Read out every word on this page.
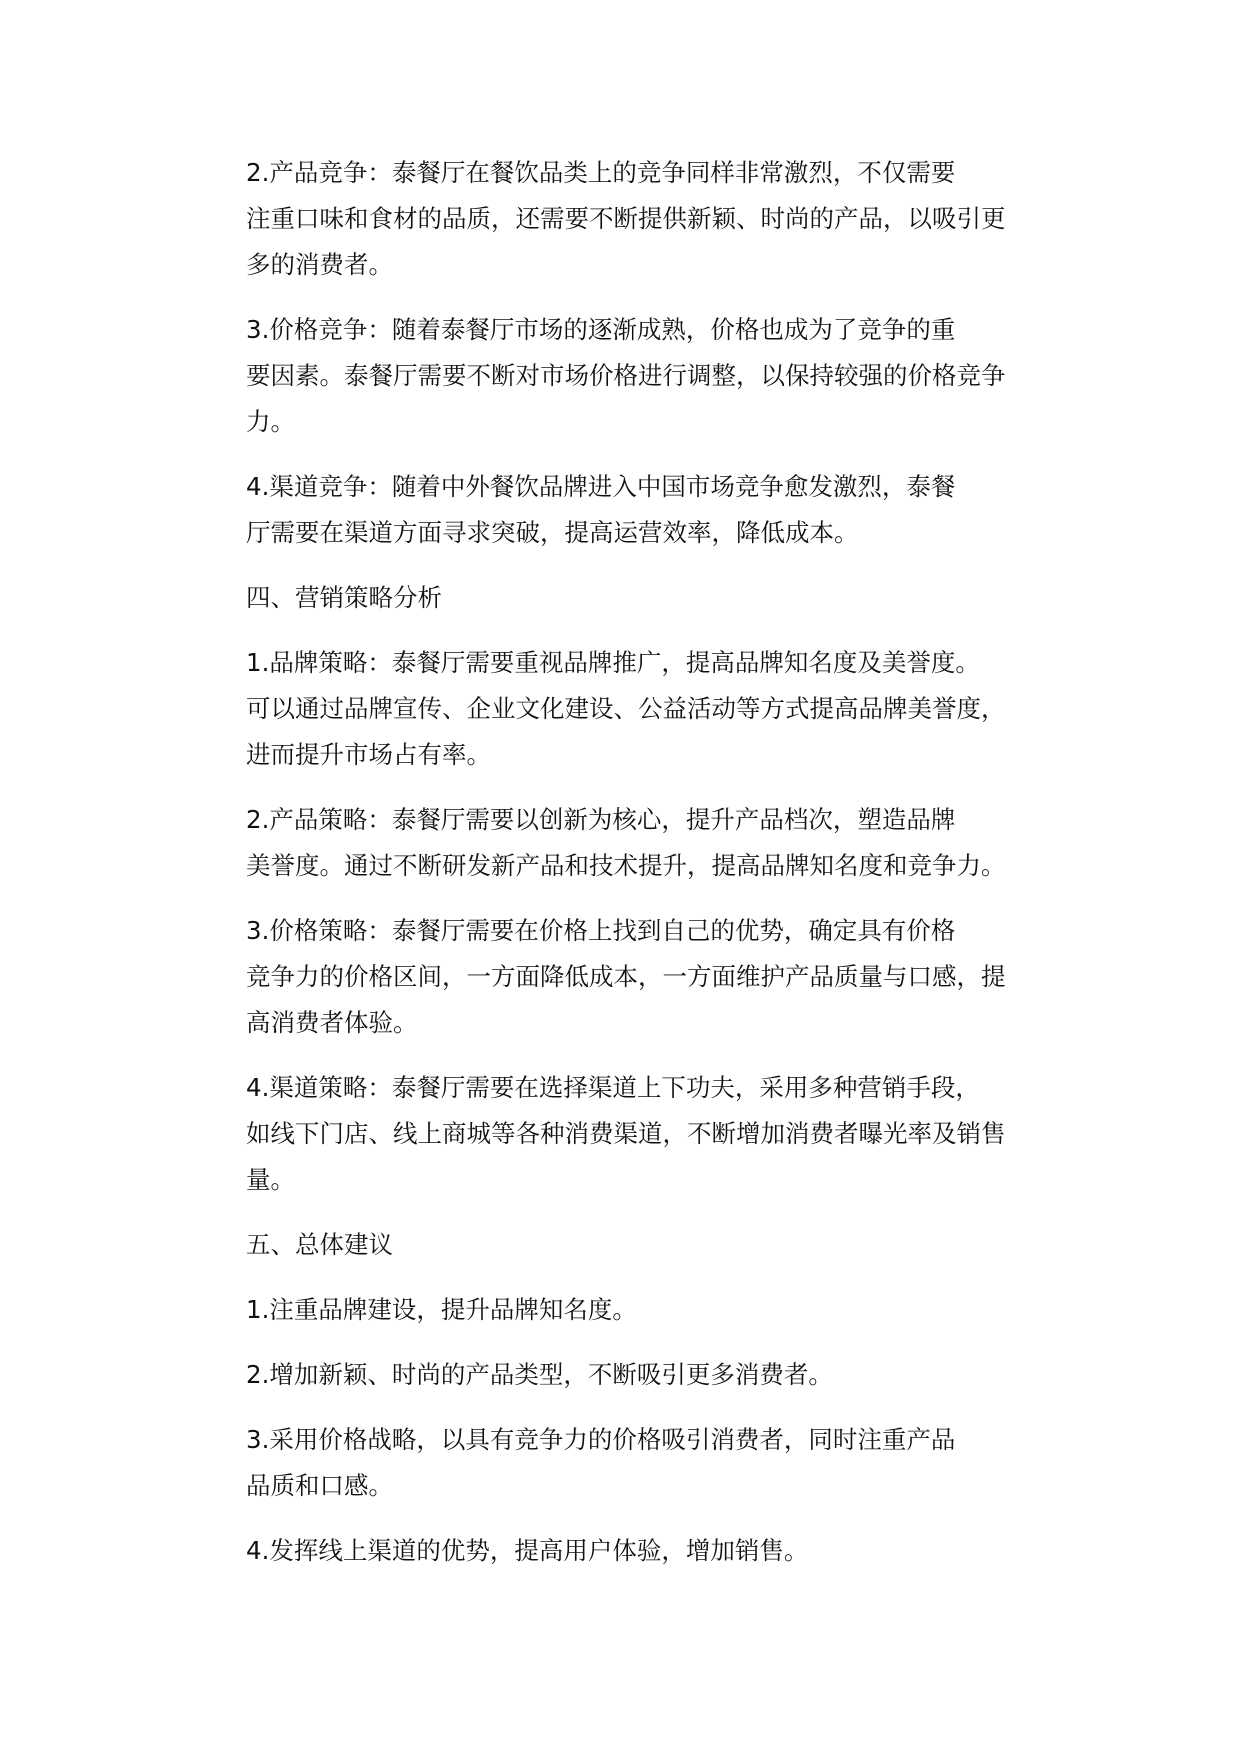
2.产品竞争：泰餐厅在餐饮品类上的竞争同样非常激烈，不仅需要
注重口味和食材的品质，还需要不断提供新颖、时尚的产品，以吸引更
多的消费者。

3.价格竞争：随着泰餐厅市场的逐渐成熟，价格也成为了竞争的重
要因素。泰餐厅需要不断对市场价格进行调整，以保持较强的价格竞争
力。

4.渠道竞争：随着中外餐饮品牌进入中国市场竞争愈发激烈，泰餐
厅需要在渠道方面寻求突破，提高运营效率，降低成本。

四、营销策略分析

1.品牌策略：泰餐厅需要重视品牌推广，提高品牌知名度及美誉度。
可以通过品牌宣传、企业文化建设、公益活动等方式提高品牌美誉度，
进而提升市场占有率。

2.产品策略：泰餐厅需要以创新为核心，提升产品档次，塑造品牌
美誉度。通过不断研发新产品和技术提升，提高品牌知名度和竞争力。

3.价格策略：泰餐厅需要在价格上找到自己的优势，确定具有价格
竞争力的价格区间，一方面降低成本，一方面维护产品质量与口感，提
高消费者体验。

4.渠道策略：泰餐厅需要在选择渠道上下功夫，采用多种营销手段，
如线下门店、线上商城等各种消费渠道，不断增加消费者曝光率及销售
量。

五、总体建议

1.注重品牌建设，提升品牌知名度。

2.增加新颖、时尚的产品类型，不断吸引更多消费者。

3.采用价格战略，以具有竞争力的价格吸引消费者，同时注重产品
品质和口感。

4.发挥线上渠道的优势，提高用户体验，增加销售。
